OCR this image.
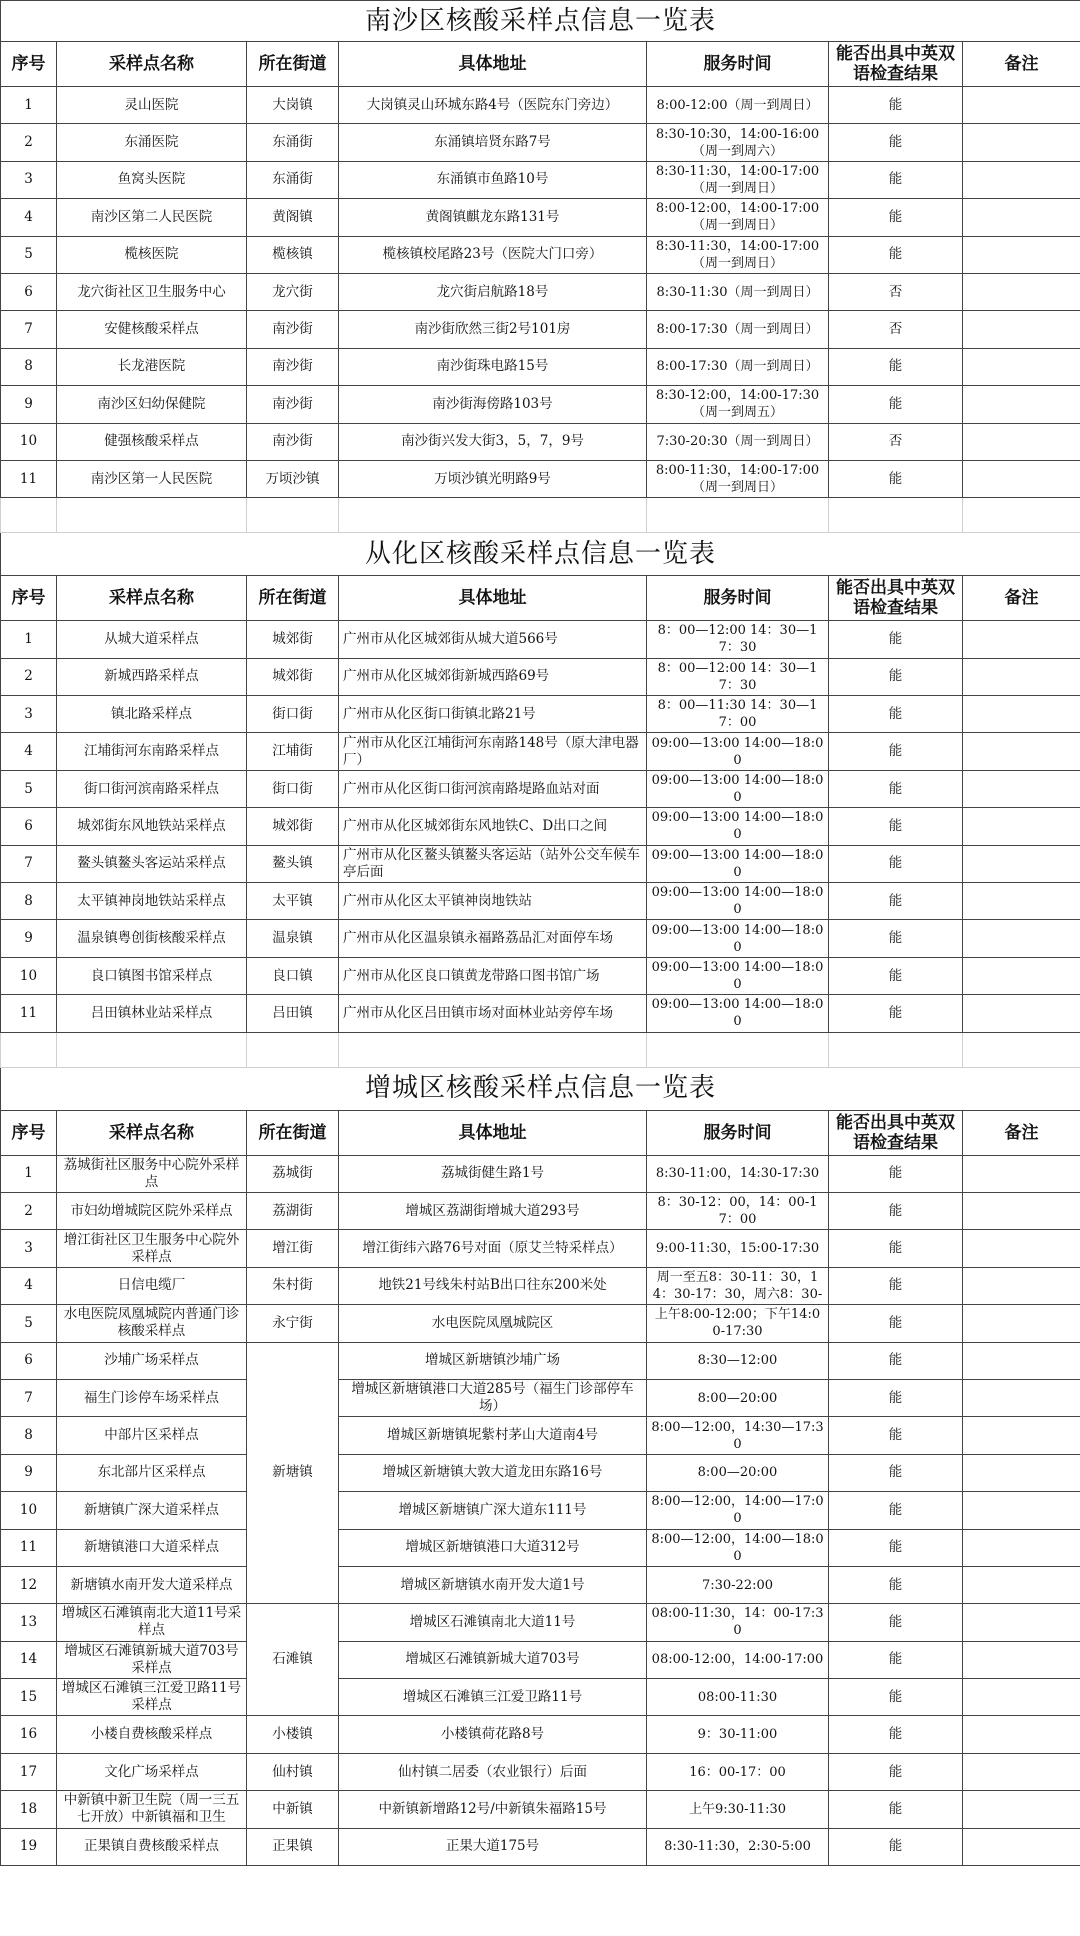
南沙区核酸采样点信息一览表						
序号	采样点名称	所在街道	具体地址	服务时间	能否出具中英双语检查结果	备注
1	灵山医院	大岗镇	大岗镇灵山环城东路4号（医院东门旁边）	8:00-12:00（周一到周日）	能	
2	东涌医院	东涌街	东涌镇培贤东路7号	8:30-10:30，14:00-16:00（周一到周六）	能	
3	鱼窝头医院	东涌街	东涌镇市鱼路10号	8:30-11:30，14:00-17:00（周一到周日）	能	
4	南沙区第二人民医院	黄阁镇	黄阁镇麒龙东路131号	8:00-12:00，14:00-17:00（周一到周日）	能	
5	榄核医院	榄核镇	榄核镇校尾路23号（医院大门口旁）	8:30-11:30，14:00-17:00（周一到周日）	能	
6	龙穴街社区卫生服务中心	龙穴街	龙穴街启航路18号	8:30-11:30（周一到周日）	否	
7	安健核酸采样点	南沙街	南沙街欣然三街2号101房	8:00-17:30（周一到周日）	否	
8	长龙港医院	南沙街	南沙街珠电路15号	8:00-17:30（周一到周日）	能	
9	南沙区妇幼保健院	南沙街	南沙街海傍路103号	8:30-12:00，14:00-17:30（周一到周五）	能	
10	健强核酸采样点	南沙街	南沙街兴发大街3，5，7，9号	7:30-20:30（周一到周日）	否	
11	南沙区第一人民医院	万顷沙镇	万顷沙镇光明路9号	8:00-11:30，14:00-17:00（周一到周日）	能	

从化区核酸采样点信息一览表						
序号	采样点名称	所在街道	具体地址	服务时间	能否出具中英双语检查结果	备注
1	从城大道采样点	城郊街	广州市从化区城郊街从城大道566号	8：00—12:00 14：30—17：30	能	
2	新城西路采样点	城郊街	广州市从化区城郊街新城西路69号	8：00—12:00 14：30—17：30	能	
3	镇北路采样点	街口街	广州市从化区街口街镇北路21号	8：00—11:30 14：30—17：00	能	
4	江埔街河东南路采样点	江埔街	广州市从化区江埔街河东南路148号（原大津电器厂）	09:00—13:00 14:00—18:00	能	
5	街口街河滨南路采样点	街口街	广州市从化区街口街河滨南路堤路血站对面	09:00—13:00 14:00—18:00	能	
6	城郊街东风地铁站采样点	城郊街	广州市从化区城郊街东风地铁C、D出口之间	09:00—13:00 14:00—18:00	能	
7	鳌头镇鳌头客运站采样点	鳌头镇	广州市从化区鳌头镇鳌头客运站（站外公交车候车亭后面	09:00—13:00 14:00—18:00	能	
8	太平镇神岗地铁站采样点	太平镇	广州市从化区太平镇神岗地铁站	09:00—13:00 14:00—18:00	能	
9	温泉镇粤创街核酸采样点	温泉镇	广州市从化区温泉镇永福路荔品汇对面停车场	09:00—13:00 14:00—18:00	能	
10	良口镇图书馆采样点	良口镇	广州市从化区良口镇黄龙带路口图书馆广场	09:00—13:00 14:00—18:00	能	
11	吕田镇林业站采样点	吕田镇	广州市从化区吕田镇市场对面林业站旁停车场	09:00—13:00 14:00—18:00	能	

增城区核酸采样点信息一览表						
序号	采样点名称	所在街道	具体地址	服务时间	能否出具中英双语检查结果	备注
1	荔城街社区服务中心院外采样点	荔城街	荔城街健生路1号	8:30-11:00，14:30-17:30	能	
2	市妇幼增城院区院外采样点	荔湖街	增城区荔湖街增城大道293号	8：30-12：00，14：00-17：00	能	
3	增江街社区卫生服务中心院外采样点	增江街	增江街纬六路76号对面（原艾兰特采样点）	9:00-11:30，15:00-17:30	能	
4	日信电缆厂	朱村街	地铁21号线朱村站B出口往东200米处	周一至五8：30-11：30，14：30-17：30，周六8：30-	能	
5	水电医院凤凰城院内普通门诊核酸采样点	永宁街	水电医院凤凰城院区	上午8:00-12:00；下午14:00-17:30	能	
6	沙埔广场采样点	新塘镇	增城区新塘镇沙埔广场	8:30—12:00	能	
7	福生门诊停车场采样点		增城区新塘镇港口大道285号（福生门诊部停车场）	8:00—20:00	能	
8	中部片区采样点		增城区新塘镇坭紫村茅山大道南4号	8:00—12:00，14:30—17:30	能	
9	东北部片区采样点		增城区新塘镇大敦大道龙田东路16号	8:00—20:00	能	
10	新塘镇广深大道采样点		增城区新塘镇广深大道东111号	8:00—12:00，14:00—17:00	能	
11	新塘镇港口大道采样点		增城区新塘镇港口大道312号	8:00—12:00，14:00—18:00	能	
12	新塘镇水南开发大道采样点		增城区新塘镇水南开发大道1号	7:30-22:00	能	
13	增城区石滩镇南北大道11号采样点	石滩镇	增城区石滩镇南北大道11号	08:00-11:30，14：00-17:30	能	
14	增城区石滩镇新城大道703号采样点		增城区石滩镇新城大道703号	08:00-12:00，14:00-17:00	能	
15	增城区石滩镇三江爱卫路11号采样点		增城区石滩镇三江爱卫路11号	08:00-11:30	能	
16	小楼自费核酸采样点	小楼镇	小楼镇荷花路8号	9：30-11:00	能	
17	文化广场采样点	仙村镇	仙村镇二居委（农业银行）后面	16：00-17：00	能	
18	中新镇中新卫生院（周一三五七开放）中新镇福和卫生	中新镇	中新镇新增路12号/中新镇朱福路15号	上午9:30-11:30	能	
19	正果镇自费核酸采样点	正果镇	正果大道175号	8:30-11:30，2:30-5:00	能	
